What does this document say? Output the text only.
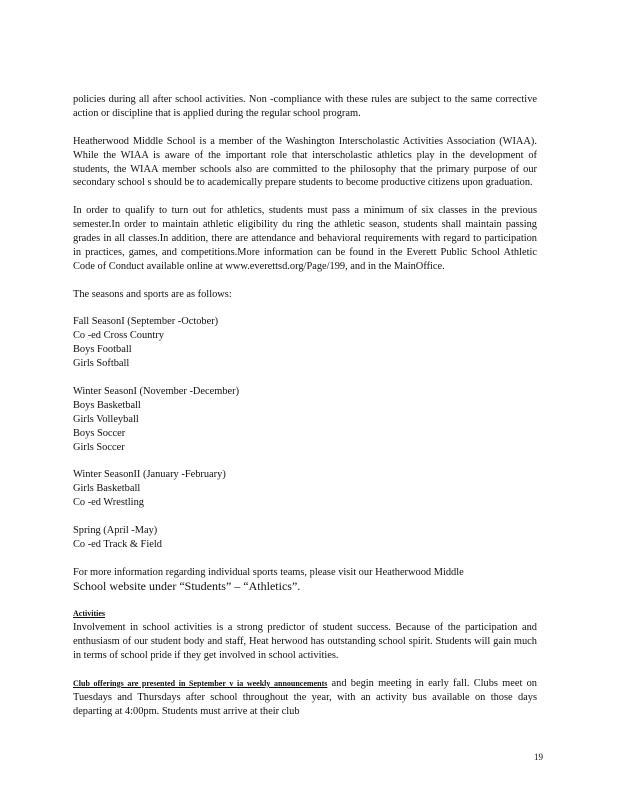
policies during all after school activities. Non -compliance with these rules are subject to the same corrective action or discipline that is applied during the regular school program.

Heatherwood Middle School is a member of the Washington Interscholastic Activities Association (WIAA). While the WIAA is aware of the important role that interscholastic athletics play in the development of students, the WIAA member schools also are committed to the philosophy that the primary purpose of our secondary school s should be to academically prepare students to become productive citizens upon graduation.

In order to qualify to turn out for athletics, students must pass a minimum of six classes in the previous semester.In order to maintain athletic eligibility du ring the athletic season, students shall maintain passing grades in all classes.In addition, there are attendance and behavioral requirements with regard to participation in practices, games, and competitions.More information can be found in the Everett Public School Athletic Code of Conduct available online at www.everettsd.org/Page/199, and in the MainOffice.

The seasons and sports are as follows:

Fall SeasonI (September -October)

Co -ed Cross Country

Boys Football

Girls Softball

Winter SeasonI (November -December)

Boys Basketball

Girls Volleyball

Boys Soccer

Girls Soccer

Winter SeasonII (January -February)

Girls Basketball

Co -ed Wrestling

Spring (April -May)

Co -ed Track & Field

For more information regarding individual sports teams, please visit our Heatherwood Middle

School website under “Students” – “Athletics”.

Activities

Involvement in school activities is a strong predictor of student success. Because of the participation and enthusiasm of our student body and staff, Heat herwood has outstanding school spirit. Students will gain much in terms of school pride if they get involved in school activities.

Club offerings are presented in September v ia weekly announcements and begin meeting in early fall. Clubs meet on Tuesdays and Thursdays after school throughout the year, with an activity bus available on those days departing at 4:00pm. Students must arrive at their club

19
